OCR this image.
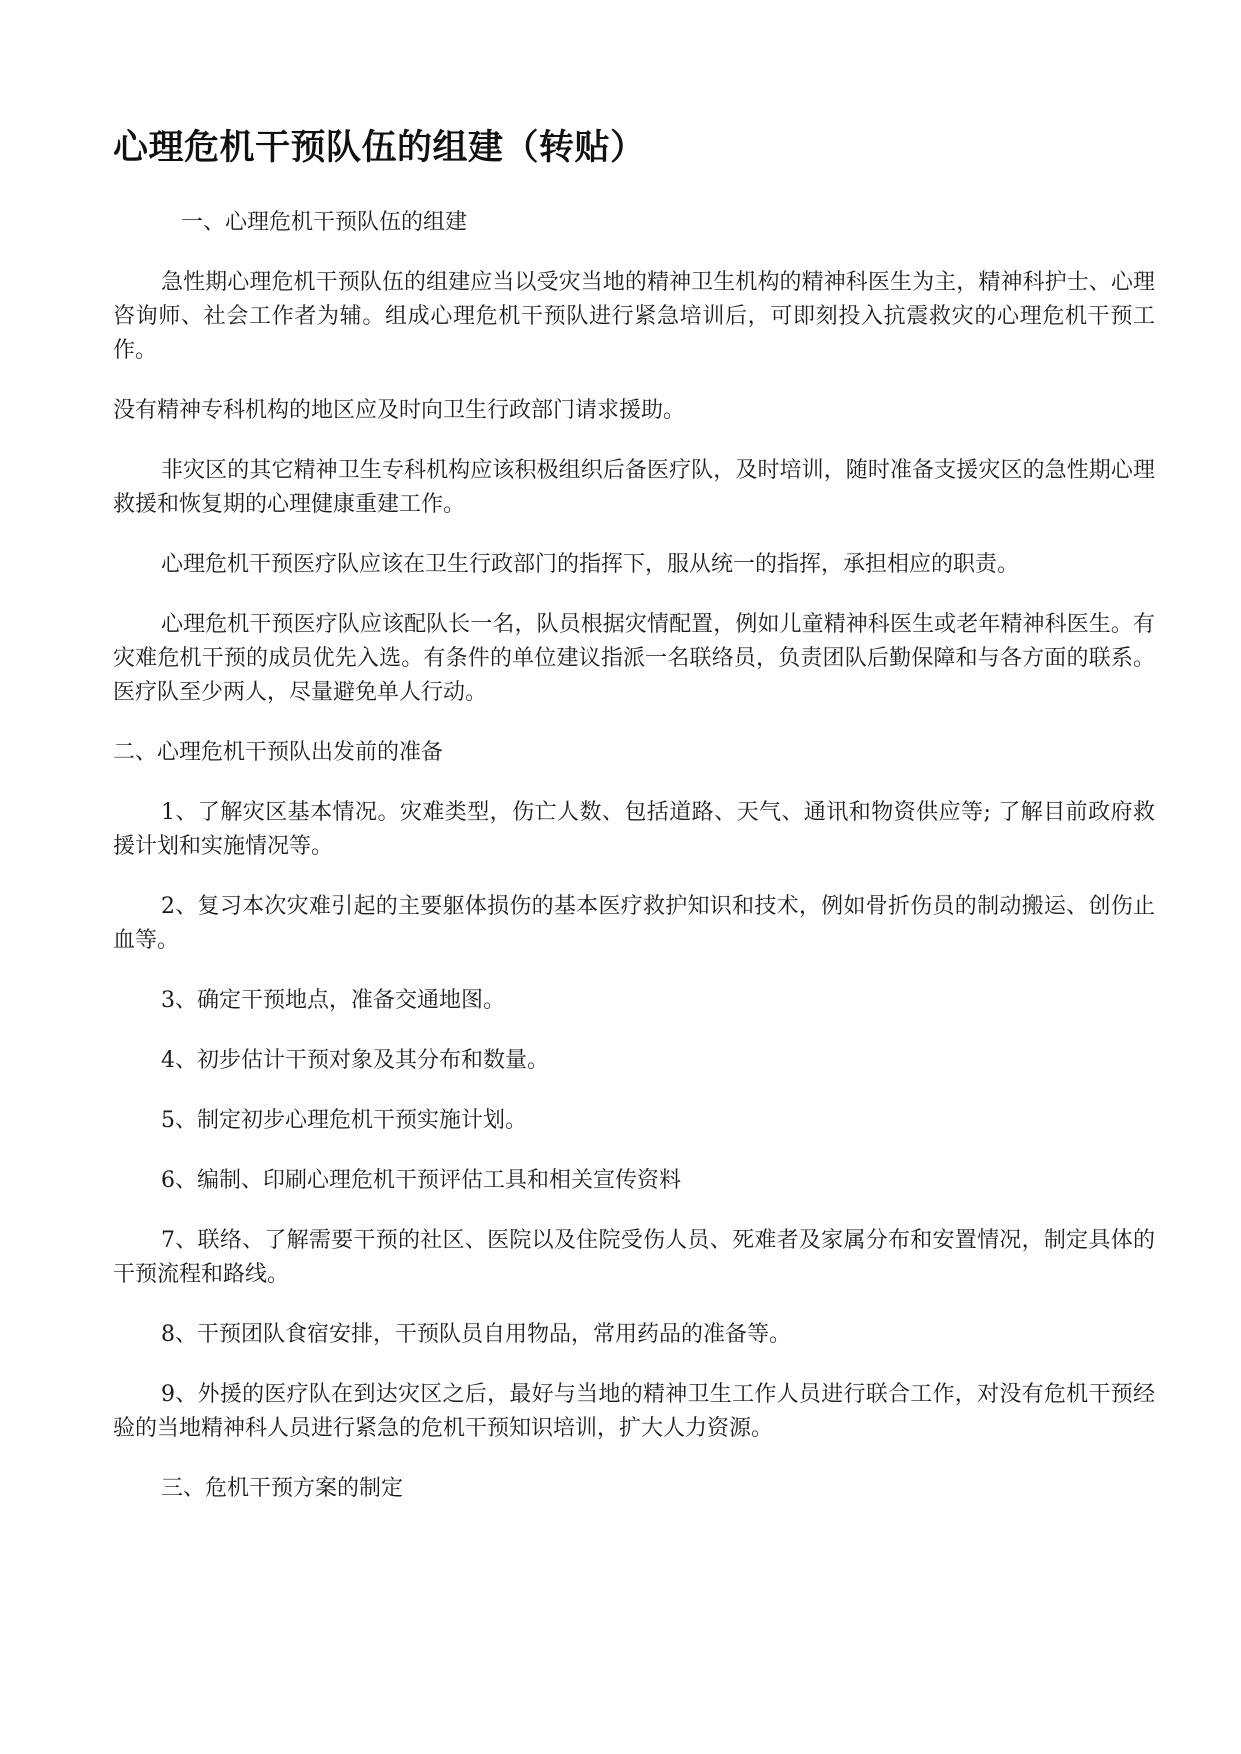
心理危机干预队伍的组建（转贴）

一、心理危机干预队伍的组建

急性期心理危机干预队伍的组建应当以受灾当地的精神卫生机构的精神科医生为主，精神科护士、心理咨询师、社会工作者为辅。组成心理危机干预队进行紧急培训后，可即刻投入抗震救灾的心理危机干预工作。

没有精神专科机构的地区应及时向卫生行政部门请求援助。

非灾区的其它精神卫生专科机构应该积极组织后备医疗队，及时培训，随时准备支援灾区的急性期心理救援和恢复期的心理健康重建工作。

心理危机干预医疗队应该在卫生行政部门的指挥下，服从统一的指挥，承担相应的职责。

心理危机干预医疗队应该配队长一名，队员根据灾情配置，例如儿童精神科医生或老年精神科医生。有灾难危机干预的成员优先入选。有条件的单位建议指派一名联络员，负责团队后勤保障和与各方面的联系。医疗队至少两人，尽量避免单人行动。

二、心理危机干预队出发前的准备

1、了解灾区基本情况。灾难类型，伤亡人数、包括道路、天气、通讯和物资供应等; 了解目前政府救援计划和实施情况等。

2、复习本次灾难引起的主要躯体损伤的基本医疗救护知识和技术，例如骨折伤员的制动搬运、创伤止血等。

3、确定干预地点，准备交通地图。

4、初步估计干预对象及其分布和数量。

5、制定初步心理危机干预实施计划。

6、编制、印刷心理危机干预评估工具和相关宣传资料

7、联络、了解需要干预的社区、医院以及住院受伤人员、死难者及家属分布和安置情况，制定具体的干预流程和路线。

8、干预团队食宿安排，干预队员自用物品，常用药品的准备等。

9、外援的医疗队在到达灾区之后，最好与当地的精神卫生工作人员进行联合工作，对没有危机干预经验的当地精神科人员进行紧急的危机干预知识培训，扩大人力资源。

三、危机干预方案的制定
